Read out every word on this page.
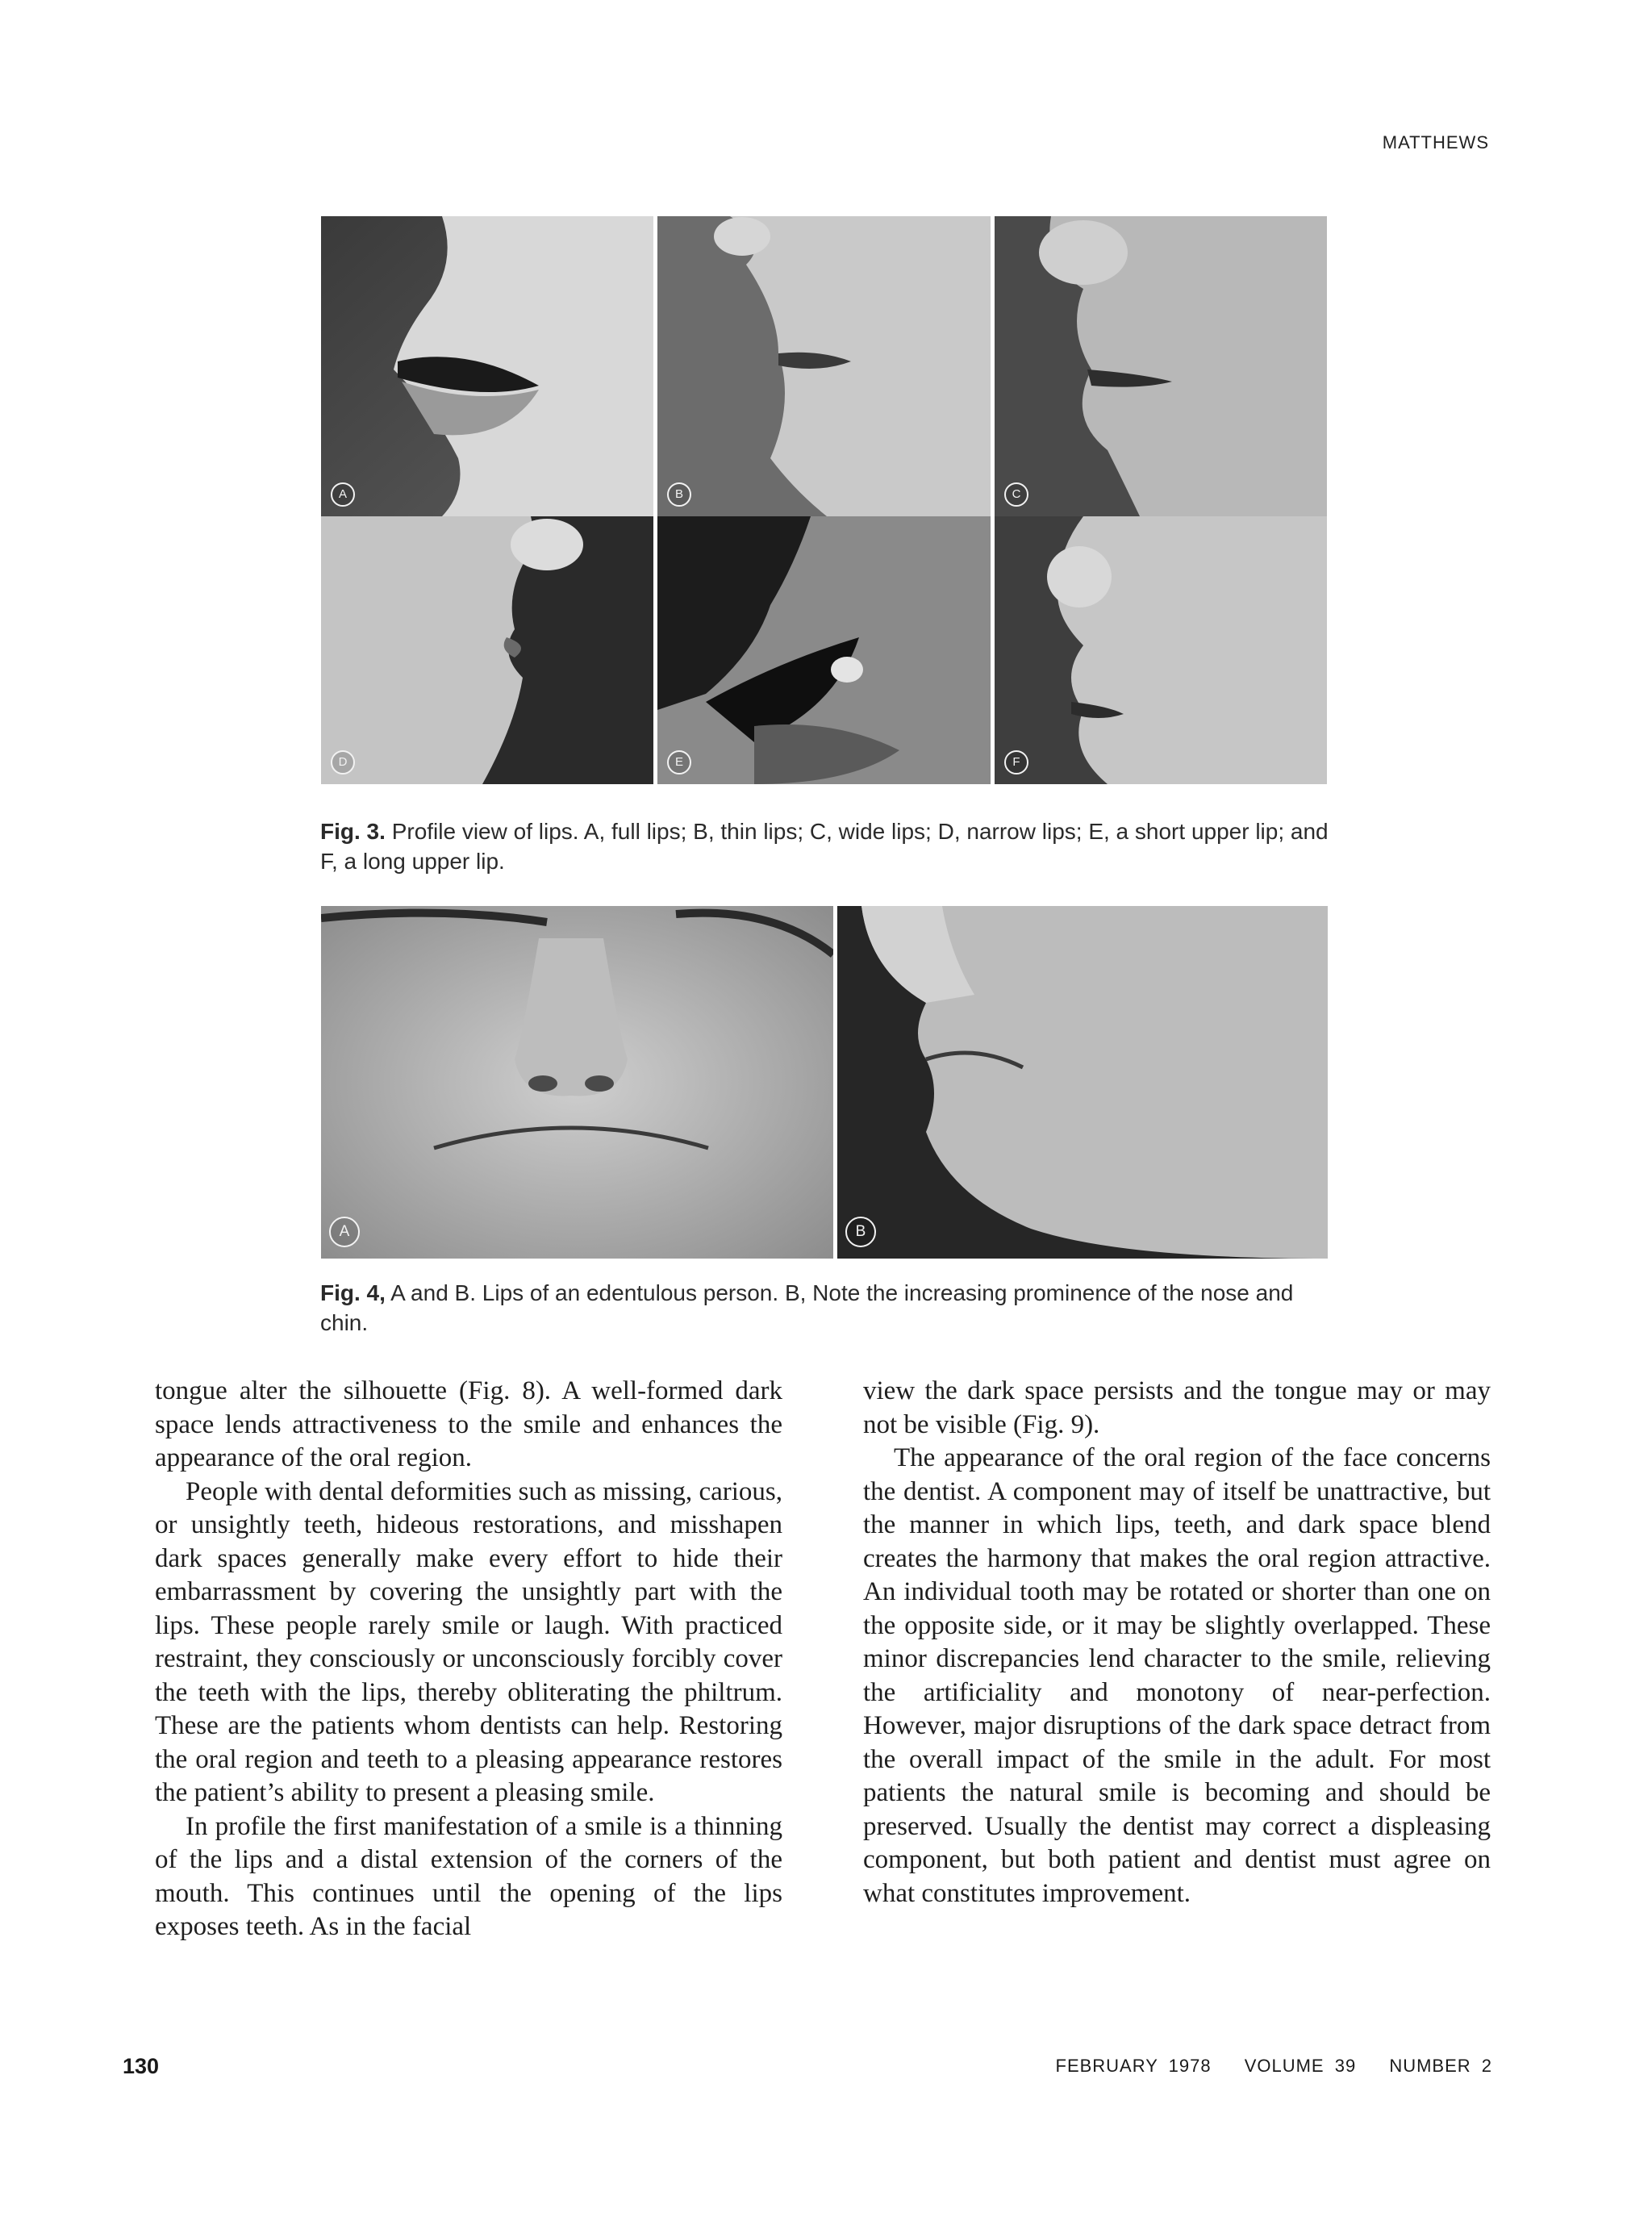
MATTHEWS
A	B	C
D	E	F
Fig. 3. Profile view of lips. A, full lips; B, thin lips; C, wide lips; D, narrow lips; E, a short upper lip; and F, a long upper lip.
A	B
Fig. 4, A and B. Lips of an edentulous person. B, Note the increasing prominence of the nose and chin.

tongue alter the silhouette (Fig. 8). A well-formed dark space lends attractiveness to the smile and enhances the appearance of the oral region.

People with dental deformities such as missing, carious, or unsightly teeth, hideous restorations, and misshapen dark spaces generally make every effort to hide their embarrassment by covering the unsightly part with the lips. These people rarely smile or laugh. With practiced restraint, they consciously or unconsciously forcibly cover the teeth with the lips, thereby obliterating the philtrum. These are the patients whom dentists can help. Restoring the oral region and teeth to a pleasing appearance restores the patient’s ability to present a pleasing smile.

In profile the first manifestation of a smile is a thinning of the lips and a distal extension of the corners of the mouth. This continues until the opening of the lips exposes teeth. As in the facial

view the dark space persists and the tongue may or may not be visible (Fig. 9).

The appearance of the oral region of the face concerns the dentist. A component may of itself be unattractive, but the manner in which lips, teeth, and dark space blend creates the harmony that makes the oral region attractive. An individual tooth may be rotated or shorter than one on the opposite side, or it may be slightly overlapped. These minor discrepancies lend character to the smile, relieving the artificiality and monotony of near-perfection. However, major disruptions of the dark space detract from the overall impact of the smile in the adult. For most patients the natural smile is becoming and should be preserved. Usually the dentist may correct a displeasing component, but both patient and dentist must agree on what constitutes improvement.

130	FEBRUARY 1978 VOLUME 39 NUMBER 2
